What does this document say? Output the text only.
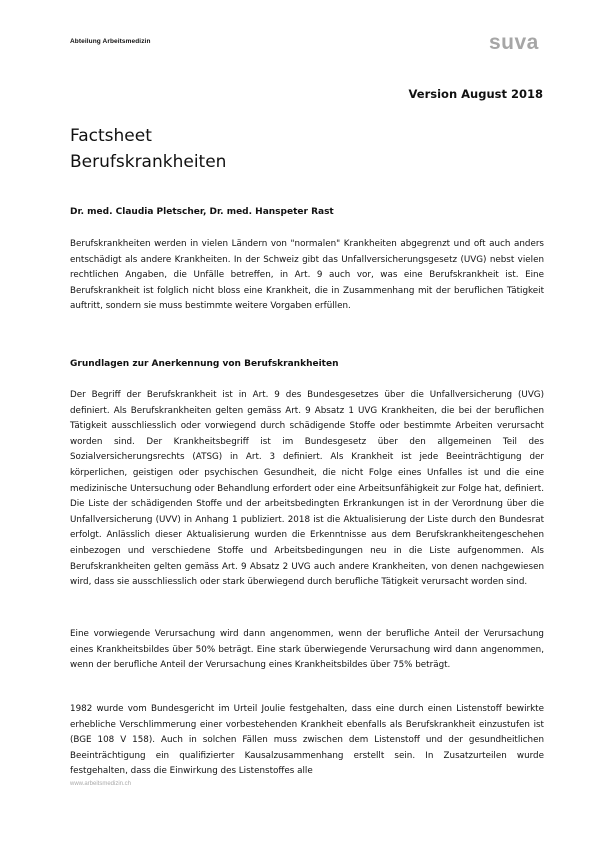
Abteilung Arbeitsmedizin	suva
Version August 2018
Factsheet
Berufskrankheiten
Dr. med. Claudia Pletscher, Dr. med. Hanspeter Rast

Berufskrankheiten werden in vielen Ländern von "normalen" Krankheiten abgegrenzt und oft auch anders entschädigt als andere Krankheiten. In der Schweiz gibt das Unfallversicherungsgesetz (UVG) nebst vielen rechtlichen Angaben, die Unfälle betreffen, in Art. 9 auch vor, was eine Berufskrankheit ist. Eine Berufskrankheit ist folglich nicht bloss eine Krankheit, die in Zusammenhang mit der beruflichen Tätigkeit auftritt, sondern sie muss bestimmte weitere Vorgaben erfüllen.

Grundlagen zur Anerkennung von Berufskrankheiten

Der Begriff der Berufskrankheit ist in Art. 9 des Bundesgesetzes über die Unfallversicherung (UVG) definiert. Als Berufskrankheiten gelten gemäss Art. 9 Absatz 1 UVG Krankheiten, die bei der beruflichen Tätigkeit ausschliesslich oder vorwiegend durch schädigende Stoffe oder bestimmte Arbeiten verursacht worden sind. Der Krankheitsbegriff ist im Bundesgesetz über den allgemeinen Teil des Sozialversicherungsrechts (ATSG) in Art. 3 definiert. Als Krankheit ist jede Beeinträchtigung der körperlichen, geistigen oder psychischen Gesundheit, die nicht Folge eines Unfalles ist und die eine medizinische Untersuchung oder Behandlung erfordert oder eine Arbeitsunfähigkeit zur Folge hat, definiert. Die Liste der schädigenden Stoffe und der arbeitsbedingten Erkrankungen ist in der Verordnung über die Unfallversicherung (UVV) in Anhang 1 publiziert. 2018 ist die Aktualisierung der Liste durch den Bundesrat erfolgt. Anlässlich dieser Aktualisierung wurden die Erkenntnisse aus dem Berufskrankheitengeschehen einbezogen und verschiedene Stoffe und Arbeitsbedingungen neu in die Liste aufgenommen. Als Berufskrankheiten gelten gemäss Art. 9 Absatz 2 UVG auch andere Krankheiten, von denen nachgewiesen wird, dass sie ausschliesslich oder stark überwiegend durch berufliche Tätigkeit verursacht worden sind.

Eine vorwiegende Verursachung wird dann angenommen, wenn der berufliche Anteil der Verursachung eines Krankheitsbildes über 50% beträgt. Eine stark überwiegende Verursachung wird dann angenommen, wenn der berufliche Anteil der Verursachung eines Krankheitsbildes über 75% beträgt.

1982 wurde vom Bundesgericht im Urteil Joulie festgehalten, dass eine durch einen Listenstoff bewirkte erhebliche Verschlimmerung einer vorbestehenden Krankheit ebenfalls als Berufskrankheit einzustufen ist (BGE 108 V 158). Auch in solchen Fällen muss zwischen dem Listenstoff und der gesundheitlichen Beeinträchtigung ein qualifizierter Kausalzusammenhang erstellt sein. In Zusatzurteilen wurde festgehalten, dass die Einwirkung des Listenstoffes alle

www.arbeitsmedizin.ch
